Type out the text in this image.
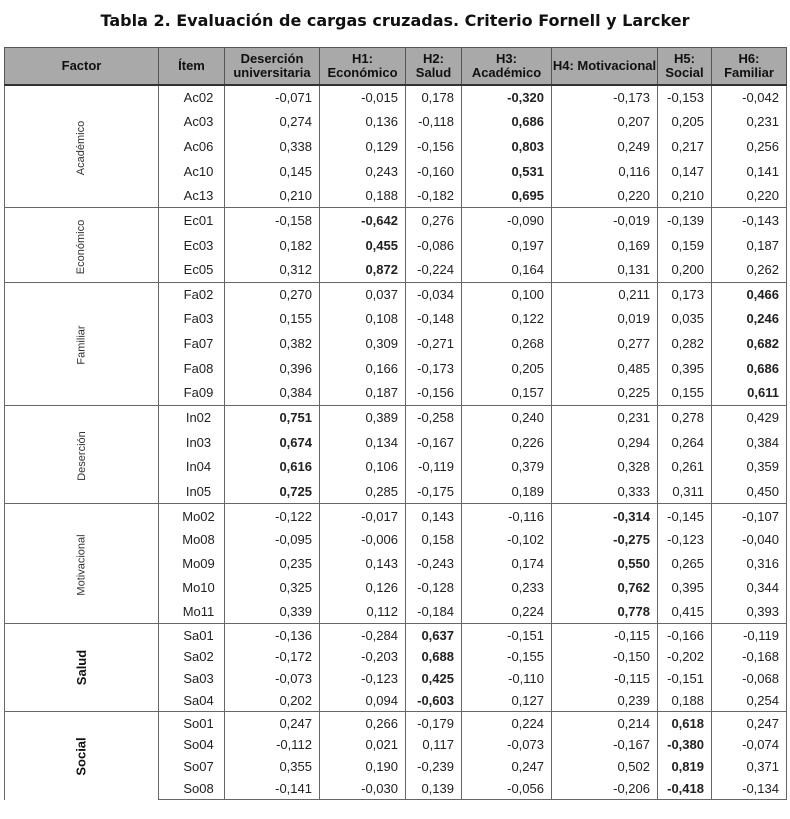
Tabla 2. Evaluación de cargas cruzadas. Criterio Fornell y Larcker
Factor	Ítem	Deserción universitaria	H1: Económico	H2: Salud	H3: Académico	H4: Motivacional	H5: Social	H6: Familiar
Académico	Ac02	-0,071	-0,015	0,178	-0,320	-0,173	-0,153	-0,042
	Ac03	0,274	0,136	-0,118	0,686	0,207	0,205	0,231
	Ac06	0,338	0,129	-0,156	0,803	0,249	0,217	0,256
	Ac10	0,145	0,243	-0,160	0,531	0,116	0,147	0,141
	Ac13	0,210	0,188	-0,182	0,695	0,220	0,210	0,220
Económico	Ec01	-0,158	-0,642	0,276	-0,090	-0,019	-0,139	-0,143
	Ec03	0,182	0,455	-0,086	0,197	0,169	0,159	0,187
	Ec05	0,312	0,872	-0,224	0,164	0,131	0,200	0,262
Familiar	Fa02	0,270	0,037	-0,034	0,100	0,211	0,173	0,466
	Fa03	0,155	0,108	-0,148	0,122	0,019	0,035	0,246
	Fa07	0,382	0,309	-0,271	0,268	0,277	0,282	0,682
	Fa08	0,396	0,166	-0,173	0,205	0,485	0,395	0,686
	Fa09	0,384	0,187	-0,156	0,157	0,225	0,155	0,611
Deserción	In02	0,751	0,389	-0,258	0,240	0,231	0,278	0,429
	In03	0,674	0,134	-0,167	0,226	0,294	0,264	0,384
	In04	0,616	0,106	-0,119	0,379	0,328	0,261	0,359
	In05	0,725	0,285	-0,175	0,189	0,333	0,311	0,450
Motivacional	Mo02	-0,122	-0,017	0,143	-0,116	-0,314	-0,145	-0,107
	Mo08	-0,095	-0,006	0,158	-0,102	-0,275	-0,123	-0,040
	Mo09	0,235	0,143	-0,243	0,174	0,550	0,265	0,316
	Mo10	0,325	0,126	-0,128	0,233	0,762	0,395	0,344
	Mo11	0,339	0,112	-0,184	0,224	0,778	0,415	0,393
Salud	Sa01	-0,136	-0,284	0,637	-0,151	-0,115	-0,166	-0,119
	Sa02	-0,172	-0,203	0,688	-0,155	-0,150	-0,202	-0,168
	Sa03	-0,073	-0,123	0,425	-0,110	-0,115	-0,151	-0,068
	Sa04	0,202	0,094	-0,603	0,127	0,239	0,188	0,254
Social	So01	0,247	0,266	-0,179	0,224	0,214	0,618	0,247
	So04	-0,112	0,021	0,117	-0,073	-0,167	-0,380	-0,074
	So07	0,355	0,190	-0,239	0,247	0,502	0,819	0,371
	So08	-0,141	-0,030	0,139	-0,056	-0,206	-0,418	-0,134
